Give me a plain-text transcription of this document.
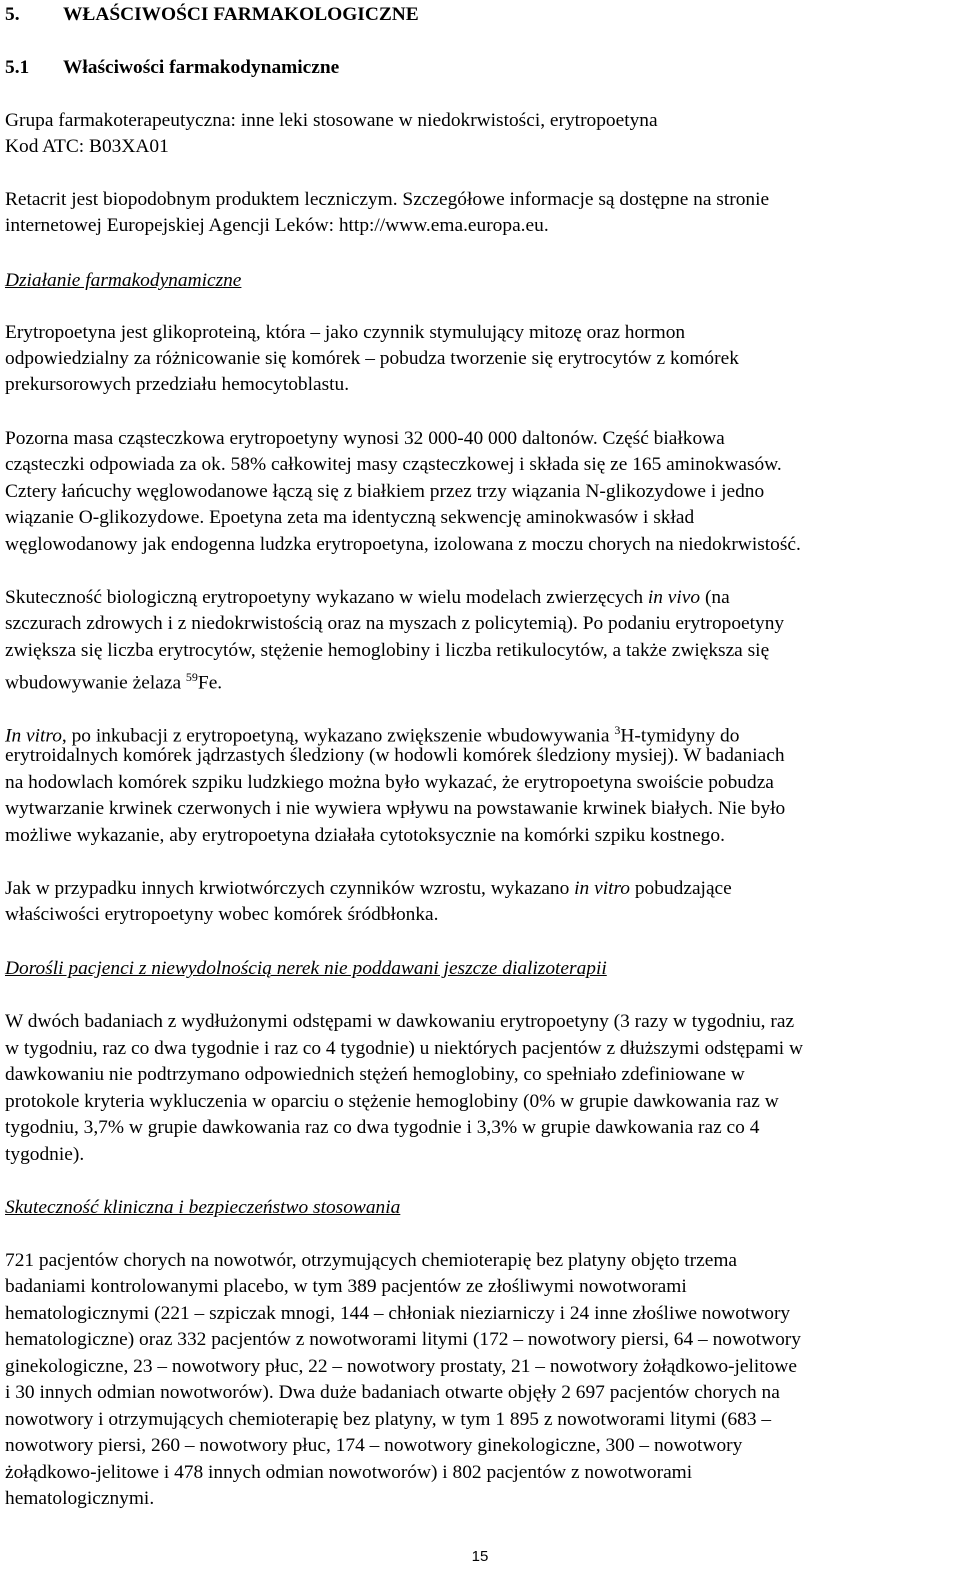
5. WŁAŚCIWOŚCI FARMAKOLOGICZNE
5.1 Właściwości farmakodynamiczne
Grupa farmakoterapeutyczna: inne leki stosowane w niedokrwistości, erytropoetyna
Kod ATC: B03XA01
Retacrit jest biopodobnym produktem leczniczym. Szczegółowe informacje są dostępne na stronie
internetowej Europejskiej Agencji Leków: http://www.ema.europa.eu.
Działanie farmakodynamiczne
Erytropoetyna jest glikoproteiną, która – jako czynnik stymulujący mitozę oraz hormon
odpowiedzialny za różnicowanie się komórek – pobudza tworzenie się erytrocytów z komórek
prekursorowych przedziału hemocytoblastu.
Pozorna masa cząsteczkowa erytropoetyny wynosi 32 000-40 000 daltonów. Część białkowa
cząsteczki odpowiada za ok. 58% całkowitej masy cząsteczkowej i składa się ze 165 aminokwasów.
Cztery łańcuchy węglowodanowe łączą się z białkiem przez trzy wiązania N-glikozydowe i jedno
wiązanie O-glikozydowe. Epoetyna zeta ma identyczną sekwencję aminokwasów i skład
węglowodanowy jak endogenna ludzka erytropoetyna, izolowana z moczu chorych na niedokrwistość.
Skuteczność biologiczną erytropoetyny wykazano w wielu modelach zwierzęcych in vivo (na
szczurach zdrowych i z niedokrwistością oraz na myszach z policytemią). Po podaniu erytropoetyny
zwiększa się liczba erytrocytów, stężenie hemoglobiny i liczba retikulocytów, a także zwiększa się
wbudowywanie żelaza $^{59}$Fe.
In vitro, po inkubacji z erytropoetyną, wykazano zwiększenie wbudowywania $^3$H-tymidyny do
erytroidalnych komórek jądrzastych śledziony (w hodowli komórek śledziony mysiej). W badaniach
na hodowlach komórek szpiku ludzkiego można było wykazać, że erytropoetyna swoiście pobudza
wytwarzanie krwinek czerwonych i nie wywiera wpływu na powstawanie krwinek białych. Nie było
możliwe wykazanie, aby erytropoetyna działała cytotoksycznie na komórki szpiku kostnego.
Jak w przypadku innych krwiotwórczych czynników wzrostu, wykazano in vitro pobudzające
właściwości erytropoetyny wobec komórek śródbłonka.
Dorośli pacjenci z niewydolnością nerek nie poddawani jeszcze dializoterapii
W dwóch badaniach z wydłużonymi odstępami w dawkowaniu erytropoetyny (3 razy w tygodniu, raz
w tygodniu, raz co dwa tygodnie i raz co 4 tygodnie) u niektórych pacjentów z dłuższymi odstępami w
dawkowaniu nie podtrzymano odpowiednich stężeń hemoglobiny, co spełniało zdefiniowane w
protokole kryteria wykluczenia w oparciu o stężenie hemoglobiny (0% w grupie dawkowania raz w
tygodniu, 3,7% w grupie dawkowania raz co dwa tygodnie i 3,3% w grupie dawkowania raz co 4
tygodnie).
Skuteczność kliniczna i bezpieczeństwo stosowania
721 pacjentów chorych na nowotwór, otrzymujących chemioterapię bez platyny objęto trzema
badaniami kontrolowanymi placebo, w tym 389 pacjentów ze złośliwymi nowotworami
hematologicznymi (221 – szpiczak mnogi, 144 – chłoniak nieziarniczy i 24 inne złośliwe nowotwory
hematologiczne) oraz 332 pacjentów z nowotworami litymi (172 – nowotwory piersi, 64 – nowotwory
ginekologiczne, 23 – nowotwory płuc, 22 – nowotwory prostaty, 21 – nowotwory żołądkowo-jelitowe
i 30 innych odmian nowotworów). Dwa duże badaniach otwarte objęły 2 697 pacjentów chorych na
nowotwory i otrzymujących chemioterapię bez platyny, w tym 1 895 z nowotworami litymi (683 –
nowotwory piersi, 260 – nowotwory płuc, 174 – nowotwory ginekologiczne, 300 – nowotwory
żołądkowo-jelitowe i 478 innych odmian nowotworów) i 802 pacjentów z nowotworami
hematologicznymi.
15
